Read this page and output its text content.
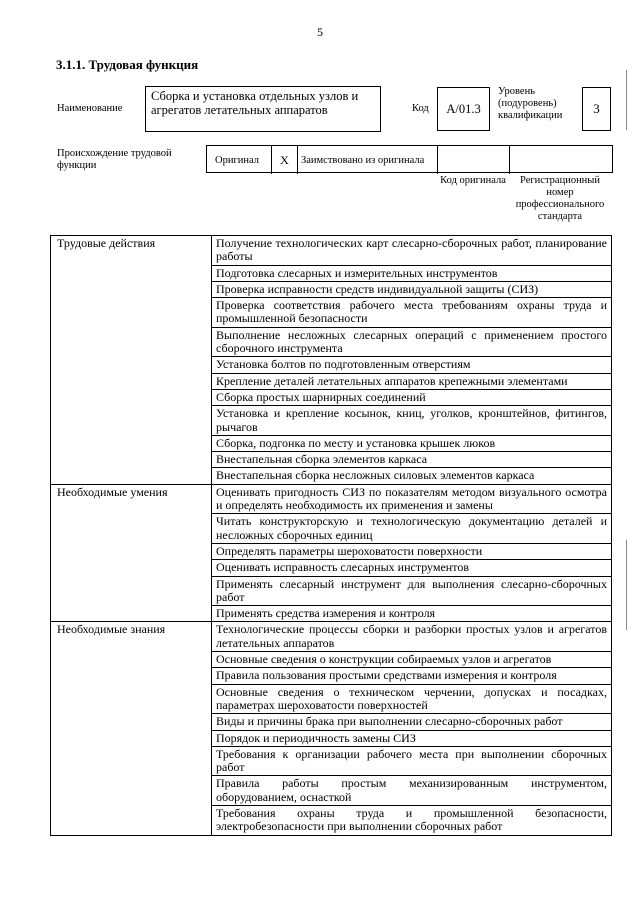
5
3.1.1. Трудовая функция
Наименование
Сборка и установка отдельных узлов и агрегатов летательных аппаратов	Код A/01.3
Уровень (подуровень) квалификации	3
Происхождение трудовой функции	Оригинал	Х	Заимствовано из оригинала
Код оригинала	Регистрационный номер профессионального стандарта
Трудовые действия	Получение технологических карт слесарно-сборочных работ, планирование работы
	Подготовка слесарных и измерительных инструментов
	Проверка исправности средств индивидуальной защиты (СИЗ)
	Проверка соответствия рабочего места требованиям охраны труда и промышленной безопасности
	Выполнение несложных слесарных операций с применением простого сборочного инструмента
	Установка болтов по подготовленным отверстиям
	Крепление деталей летательных аппаратов крепежными элементами
	Сборка простых шарнирных соединений
	Установка и крепление косынок, книц, уголков, кронштейнов, фитингов, рычагов
	Сборка, подгонка по месту и установка крышек люков
	Внестапельная сборка элементов каркаса
	Внестапельная сборка несложных силовых элементов каркаса
Необходимые умения	Оценивать пригодность СИЗ по показателям методом визуального осмотра и определять необходимость их применения и замены
	Читать конструкторскую и технологическую документацию деталей и несложных сборочных единиц
	Определять параметры шероховатости поверхности
	Оценивать исправность слесарных инструментов
	Применять слесарный инструмент для выполнения слесарно-сборочных работ
	Применять средства измерения и контроля
Необходимые знания	Технологические процессы сборки и разборки простых узлов и агрегатов летательных аппаратов
	Основные сведения о конструкции собираемых узлов и агрегатов
	Правила пользования простыми средствами измерения и контроля
	Основные сведения о техническом черчении, допусках и посадках, параметрах шероховатости поверхностей
	Виды и причины брака при выполнении слесарно-сборочных работ
	Порядок и периодичность замены СИЗ
	Требования к организации рабочего места при выполнении сборочных работ
	Правила работы простым механизированным инструментом, оборудованием, оснасткой
	Требования охраны труда и промышленной безопасности, электробезопасности при выполнении сборочных работ
